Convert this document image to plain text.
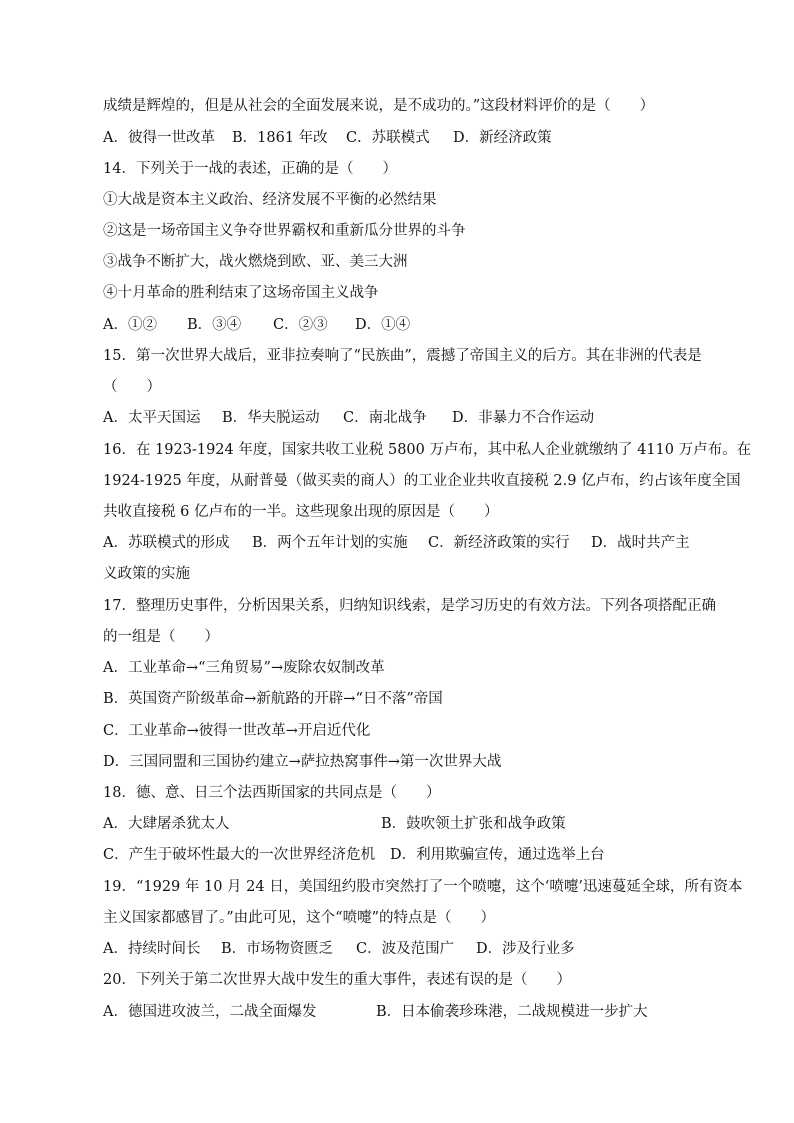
成绩是辉煌的，但是从社会的全面发展来说，是不成功的。”这段材料评价的是（　　）
A．彼得一世改革 B．1861 年改 C．苏联模式 D．新经济政策
14．下列关于一战的表述，正确的是（　　）
①大战是资本主义政治、经济发展不平衡的必然结果
②这是一场帝国主义争夺世界霸权和重新瓜分世界的斗争
③战争不断扩大，战火燃烧到欧、亚、美三大洲
④十月革命的胜利结束了这场帝国主义战争
A．①② B．③④ C．②③ D．①④
15．第一次世界大战后，亚非拉奏响了“民族曲”，震撼了帝国主义的后方。其在非洲的代表是
（　　）
A．太平天国运 B．华夫脱运动 C．南北战争 D．非暴力不合作运动
16．在 1923-1924 年度，国家共收工业税 5800 万卢布，其中私人企业就缴纳了 4110 万卢布。在
1924-1925 年度，从耐普曼（做买卖的商人）的工业企业共收直接税 2.9 亿卢布，约占该年度全国
共收直接税 6 亿卢布的一半。这些现象出现的原因是（　　）
A．苏联模式的形成 B．两个五年计划的实施 C．新经济政策的实行 D．战时共产主
义政策的实施
17．整理历史事件，分析因果关系，归纳知识线索，是学习历史的有效方法。下列各项搭配正确
的一组是（　　）
A．工业革命→“三角贸易”→废除农奴制改革
B．英国资产阶级革命→新航路的开辟→“日不落”帝国
C．工业革命→彼得一世改革→开启近代化
D．三国同盟和三国协约建立→萨拉热窝事件→第一次世界大战
18．德、意、日三个法西斯国家的共同点是（　　）
A．大肆屠杀犹太人	B．鼓吹领土扩张和战争政策
C．产生于破坏性最大的一次世界经济危机 D．利用欺骗宣传，通过选举上台
19．“1929 年 10 月 24 日，美国纽约股市突然打了一个喷嚏，这个‘喷嚏’迅速蔓延全球，所有资本
主义国家都感冒了。”由此可见，这个“喷嚏”的特点是（　　）
A．持续时间长 B．市场物资匮乏 C．波及范围广 D．涉及行业多
20．下列关于第二次世界大战中发生的重大事件，表述有误的是（　　）
A．德国进攻波兰，二战全面爆发	B．日本偷袭珍珠港，二战规模进一步扩大
